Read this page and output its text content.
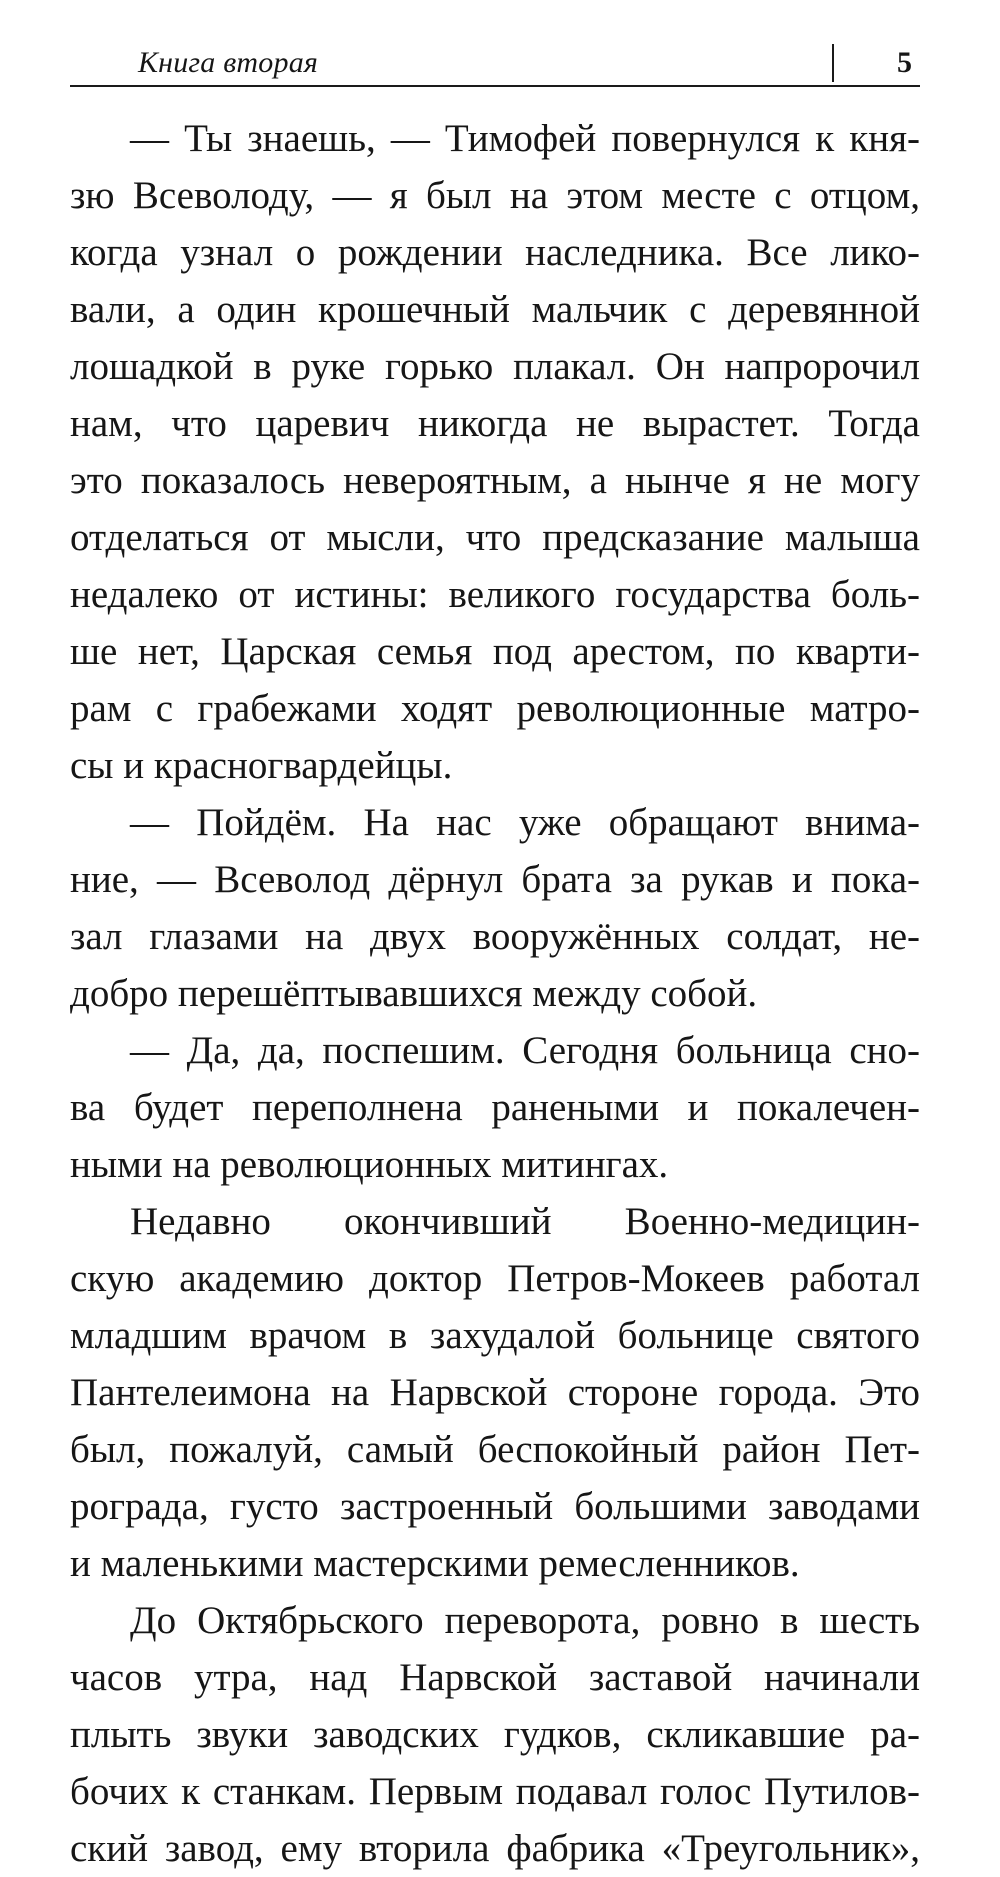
Книга вторая	5
— Ты знаешь, — Тимофей повернулся к кня-
зю Всеволоду, — я был на этом месте с отцом,
когда узнал о рождении наследника. Все лико-
вали, а один крошечный мальчик с деревянной
лошадкой в руке горько плакал. Он напророчил
нам, что царевич никогда не вырастет. Тогда
это показалось невероятным, а нынче я не могу
отделаться от мысли, что предсказание малыша
недалеко от истины: великого государства боль-
ше нет, Царская семья под арестом, по кварти-
рам с грабежами ходят революционные матро-
сы и красногвардейцы.
— Пойдём. На нас уже обращают внима-
ние, — Всеволод дёрнул брата за рукав и пока-
зал глазами на двух вооружённых солдат, не-
добро перешёптывавшихся между собой.
— Да, да, поспешим. Сегодня больница сно-
ва будет переполнена ранеными и покалечен-
ными на революционных митингах.
Недавно окончивший Военно-медицин-
скую академию доктор Петров-Мокеев работал
младшим врачом в захудалой больнице святого
Пантелеимона на Нарвской стороне города. Это
был, пожалуй, самый беспокойный район Пет-
рограда, густо застроенный большими заводами
и маленькими мастерскими ремесленников.
До Октябрьского переворота, ровно в шесть
часов утра, над Нарвской заставой начинали
плыть звуки заводских гудков, скликавшие ра-
бочих к станкам. Первым подавал голос Путилов-
ский завод, ему вторила фабрика «Треугольник»,
